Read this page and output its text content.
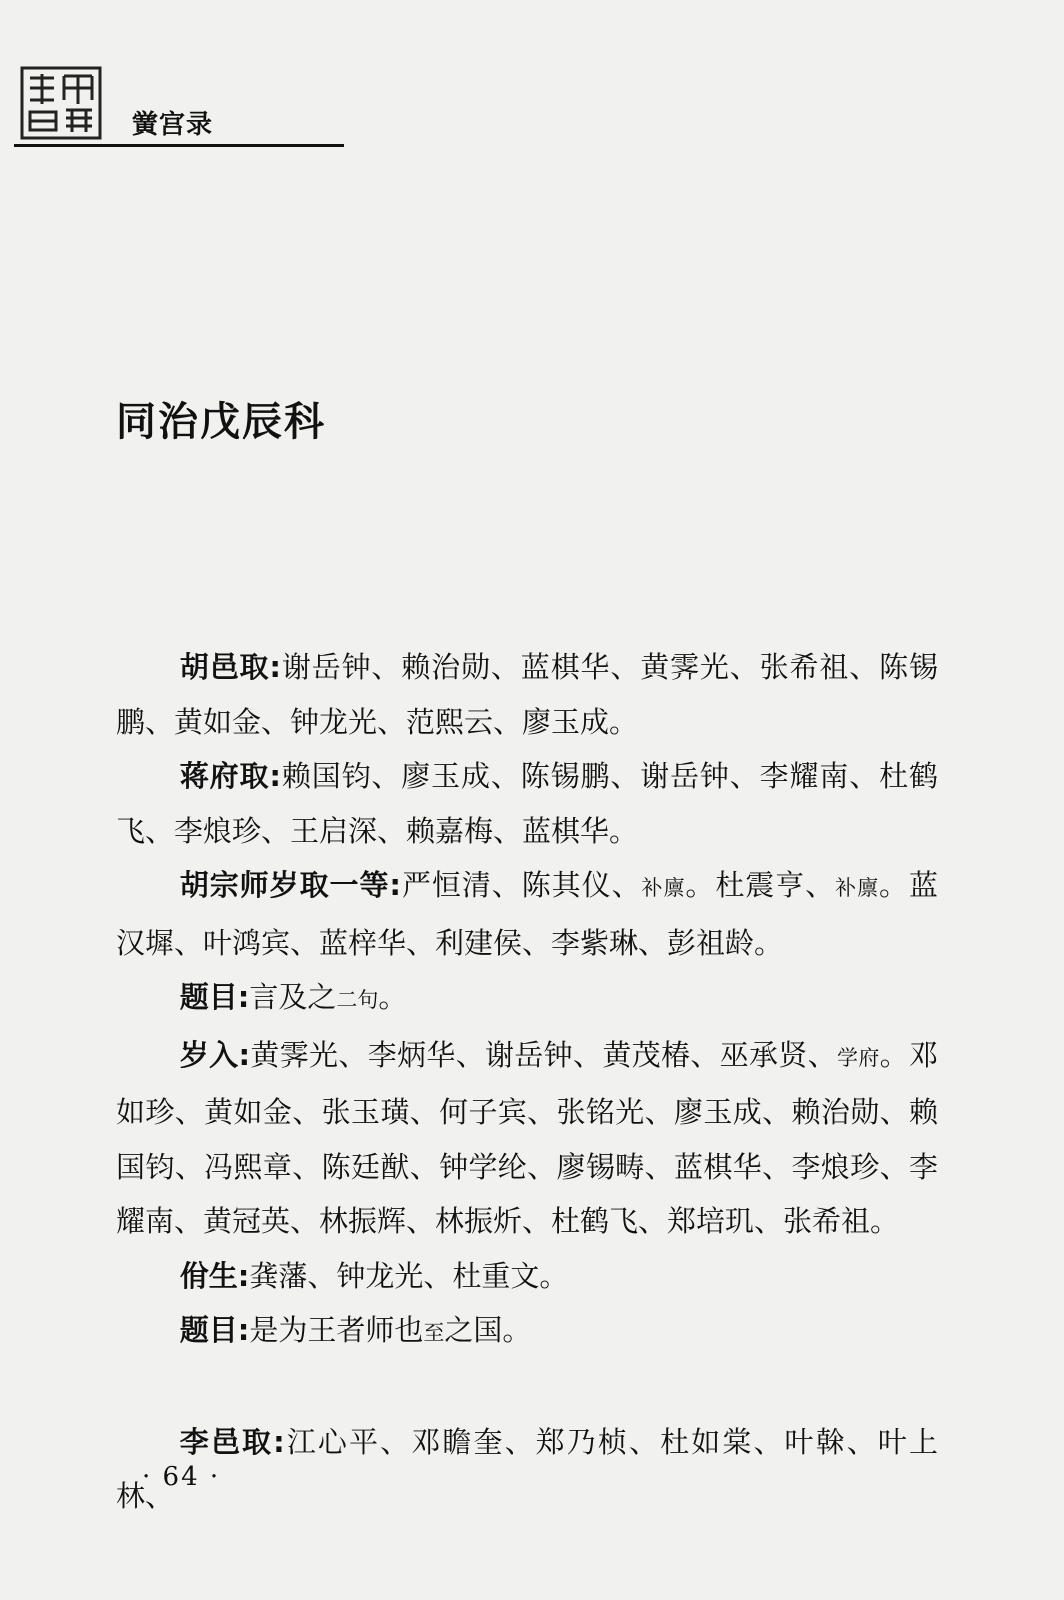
黉宫录
同治戊辰科

胡邑取:谢岳钟、赖治勋、蓝棋华、黄霁光、张希祖、陈锡鹏、黄如金、钟龙光、范熙云、廖玉成。

蒋府取:赖国钧、廖玉成、陈锡鹏、谢岳钟、李耀南、杜鹤飞、李烺珍、王启深、赖嘉梅、蓝棋华。

胡宗师岁取一等:严恒清、陈其仪、补廪。杜震亨、补廪。蓝汉墀、叶鸿宾、蓝梓华、利建侯、李紫琳、彭祖龄。

题目:言及之二句。

岁入:黄霁光、李炳华、谢岳钟、黄茂椿、巫承贤、学府。邓如珍、黄如金、张玉璜、何子宾、张铭光、廖玉成、赖治勋、赖国钧、冯熙章、陈廷猷、钟学纶、廖锡畴、蓝棋华、李烺珍、李耀南、黄冠英、林振辉、林振炘、杜鹤飞、郑培玑、张希祖。

佾生:龚藩、钟龙光、杜重文。

题目:是为王者师也至之国。

李邑取:江心平、邓瞻奎、郑乃桢、杜如棠、叶榦、叶上林、

· 64 ·
